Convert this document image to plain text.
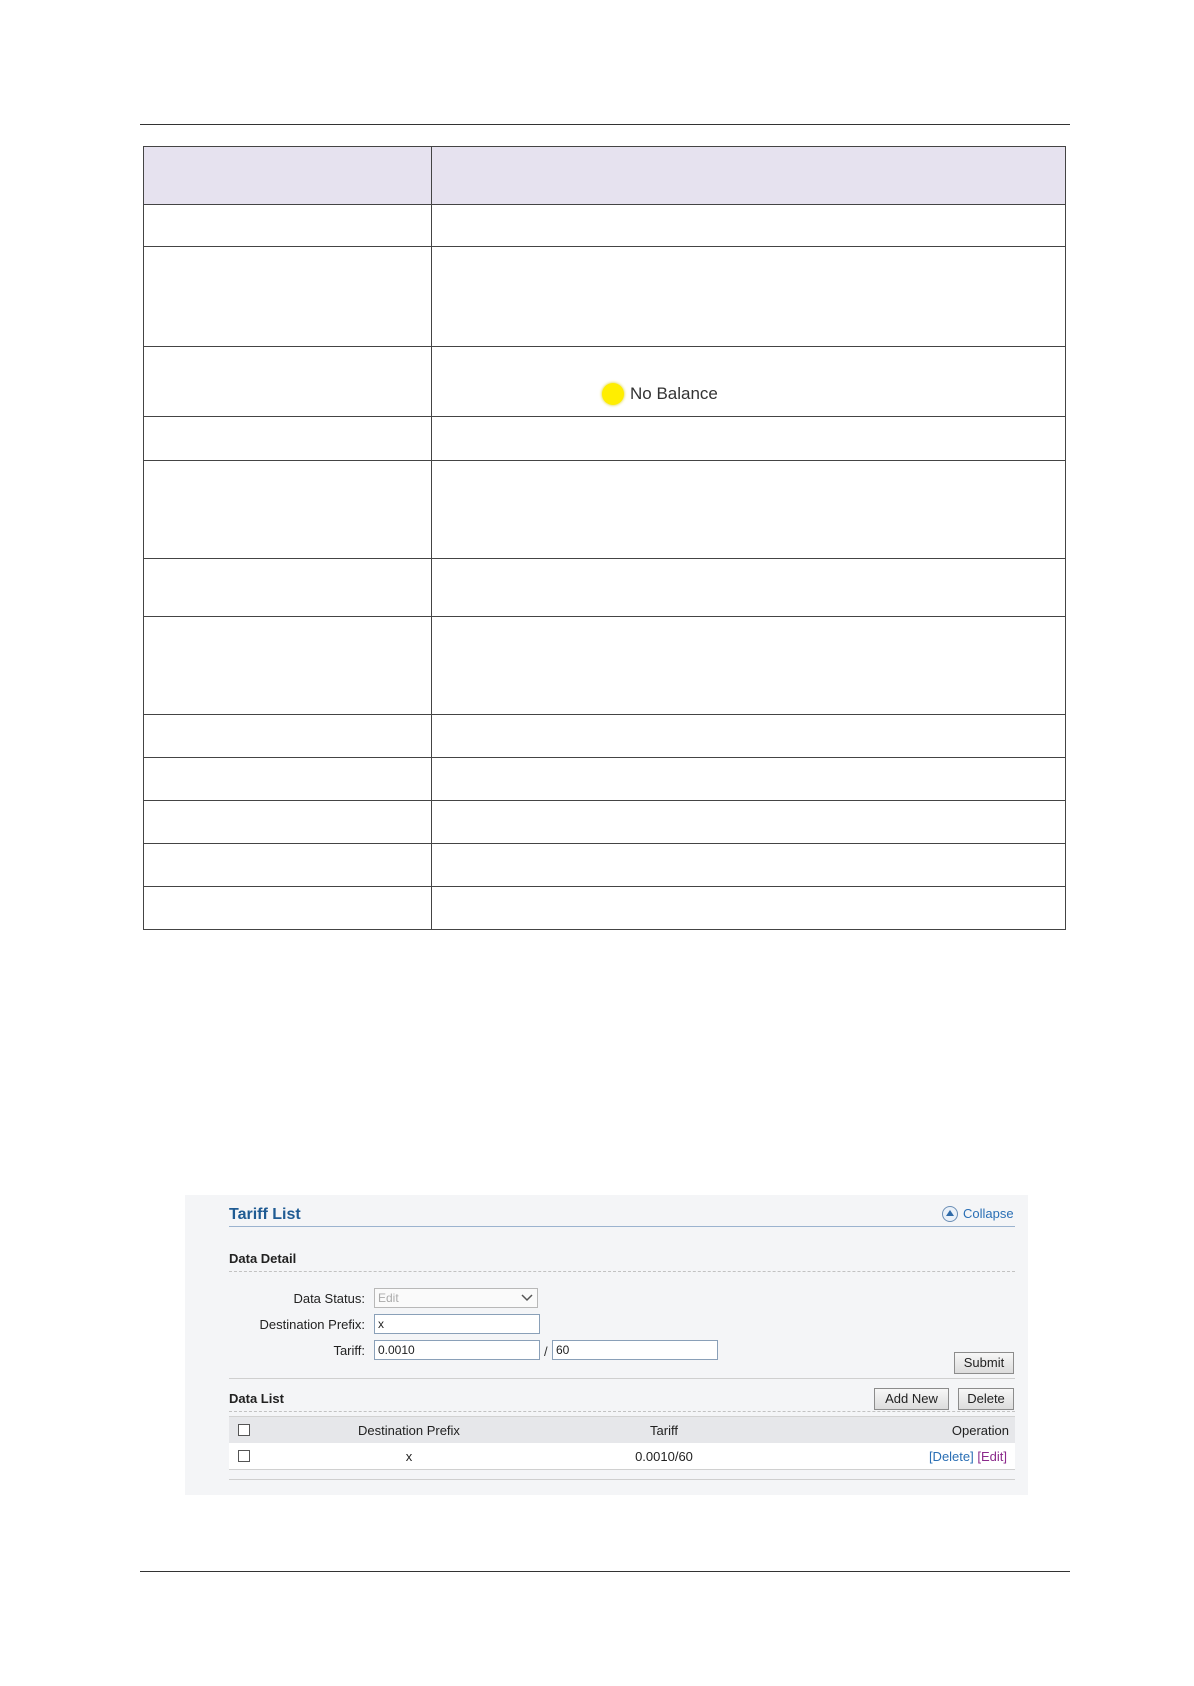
	No Balance

Tariff List	Collapse
Data Detail
Data Status:	Edit
Destination Prefix:	x
Tariff:	0.0010	/ 60
Submit
Data List	Add New	Delete
Destination Prefix	Tariff	Operation
x	0.0010/60	[Delete] [Edit]
